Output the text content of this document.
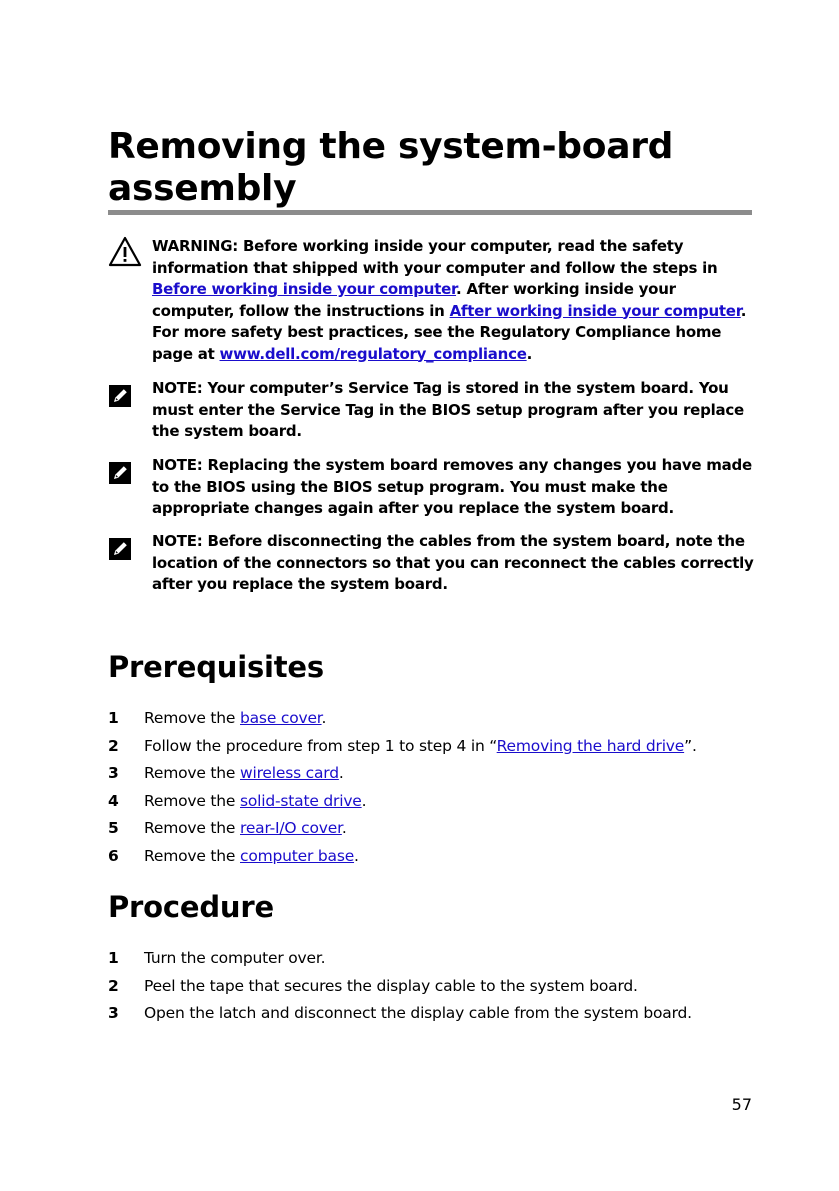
Removing the system-board assembly
WARNING: Before working inside your computer, read the safety information that shipped with your computer and follow the steps in Before working inside your computer. After working inside your computer, follow the instructions in After working inside your computer. For more safety best practices, see the Regulatory Compliance home page at www.dell.com/regulatory_compliance.
NOTE: Your computer’s Service Tag is stored in the system board. You must enter the Service Tag in the BIOS setup program after you replace the system board.
NOTE: Replacing the system board removes any changes you have made to the BIOS using the BIOS setup program. You must make the appropriate changes again after you replace the system board.
NOTE: Before disconnecting the cables from the system board, note the location of the connectors so that you can reconnect the cables correctly after you replace the system board.
Prerequisites
1 Remove the base cover.
2 Follow the procedure from step 1 to step 4 in “Removing the hard drive”.
3 Remove the wireless card.
4 Remove the solid-state drive.
5 Remove the rear-I/O cover.
6 Remove the computer base.
Procedure
1 Turn the computer over.
2 Peel the tape that secures the display cable to the system board.
3 Open the latch and disconnect the display cable from the system board.
57
